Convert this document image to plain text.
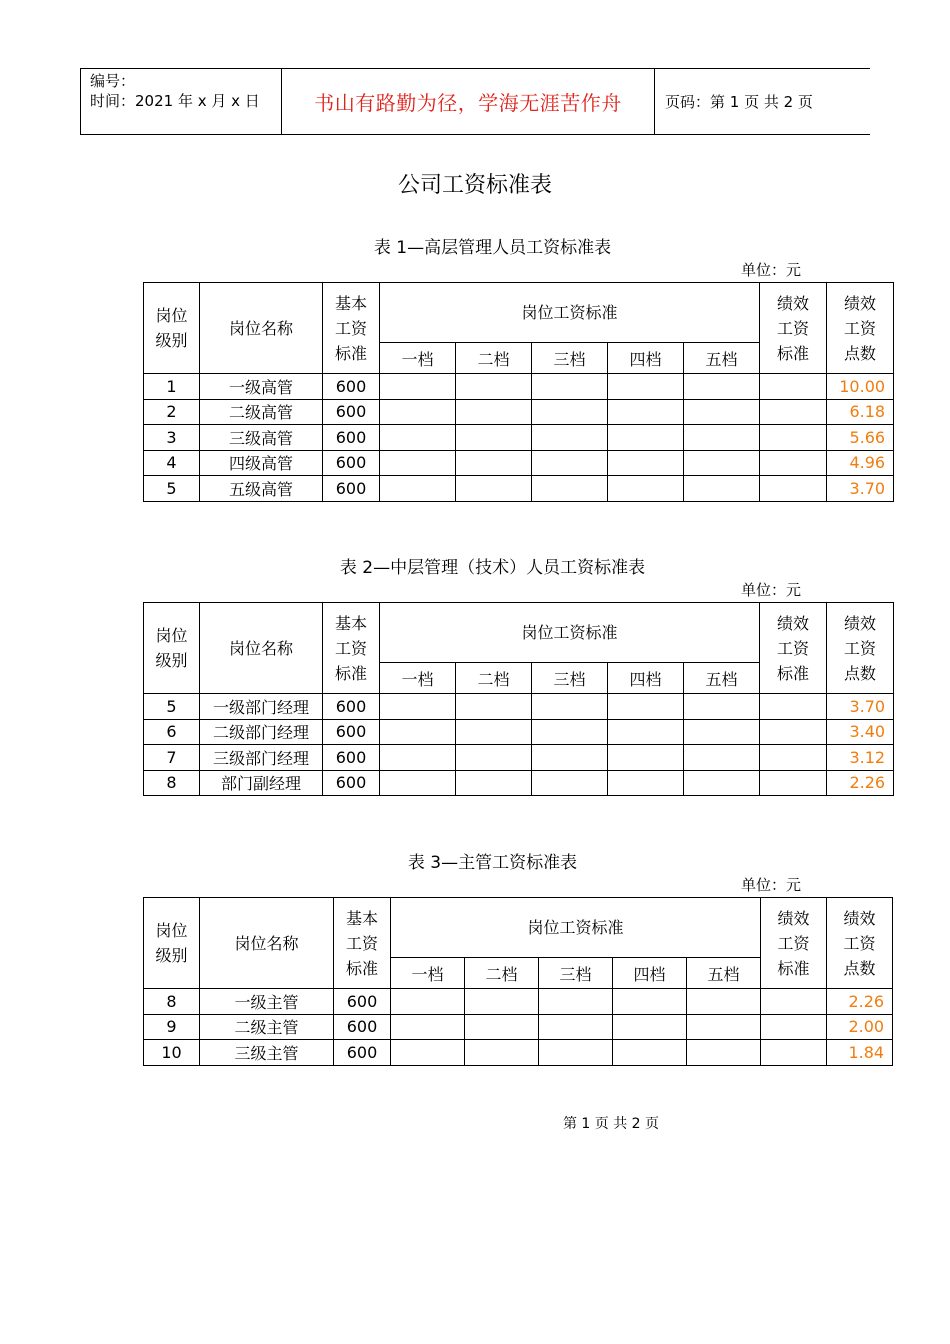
编号：
时间：2021 年 x 月 x 日	书山有路勤为径，学海无涯苦作舟	页码：第 1 页 共 2 页
公司工资标准表
表 1—高层管理人员工资标准表
单位：元
岗位
级别	岗位名称	基本
工资
标准	岗位工资标准					绩效
工资
标准	绩效
工资
点数
			一档	二档	三档	四档	五档		
1	一级高管	600							10.00
2	二级高管	600							6.18
3	三级高管	600							5.66
4	四级高管	600							4.96
5	五级高管	600							3.70
表 2—中层管理（技术）人员工资标准表
单位：元
岗位
级别	岗位名称	基本
工资
标准	岗位工资标准					绩效
工资
标准	绩效
工资
点数
			一档	二档	三档	四档	五档		
5	一级部门经理	600							3.70
6	二级部门经理	600							3.40
7	三级部门经理	600							3.12
8	部门副经理	600							2.26
表 3—主管工资标准表
单位：元
岗位
级别	岗位名称	基本
工资
标准	岗位工资标准					绩效
工资
标准	绩效
工资
点数
			一档	二档	三档	四档	五档		
8	一级主管	600							2.26
9	二级主管	600							2.00
10	三级主管	600							1.84
第 1 页 共 2 页
